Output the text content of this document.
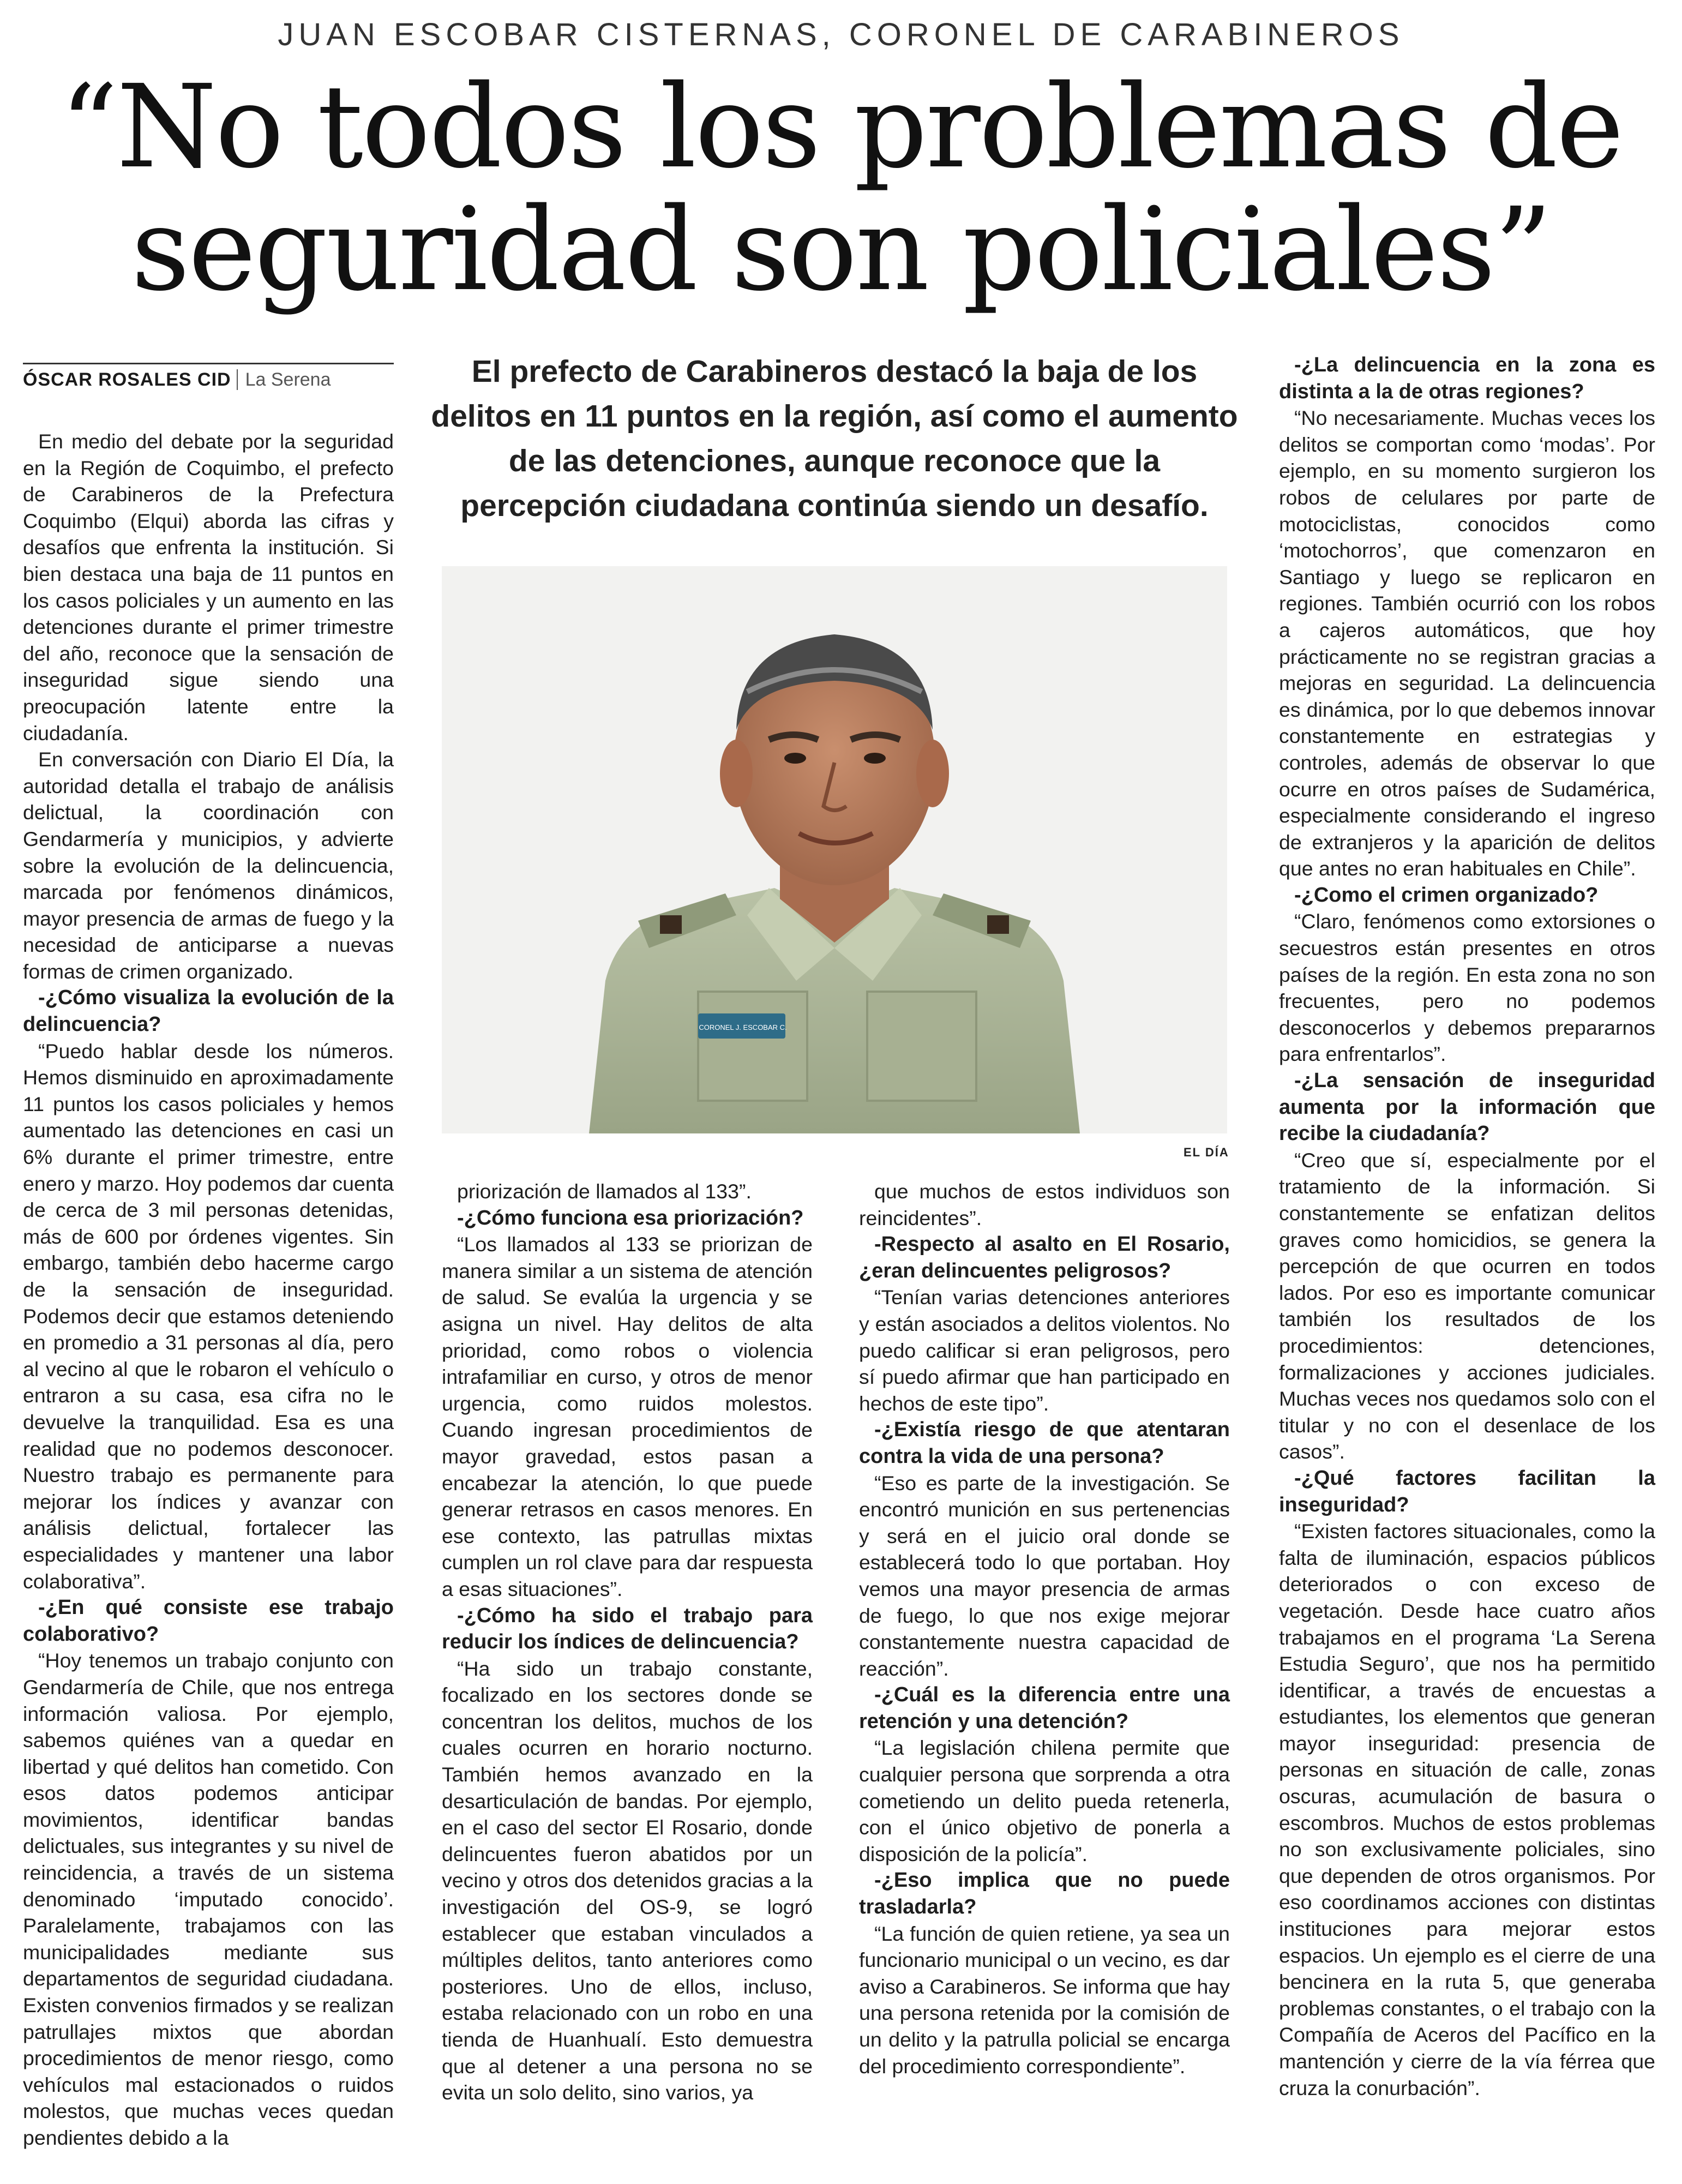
JUAN ESCOBAR CISTERNAS, CORONEL DE CARABINEROS
“No todos los problemas de
seguridad son policiales”
ÓSCAR ROSALES CID La Serena	El prefecto de Carabineros destacó la baja de los delitos en 11 puntos en la región, así como el aumento de las detenciones, aunque reconoce que la percepción ciudadana continúa siendo un desafío.
CORONEL J. ESCOBAR C.
EL DÍA

En medio del debate por la seguridad en la Región de Coquimbo, el prefecto de Carabineros de la Prefectura Coquimbo (Elqui) aborda las cifras y desafíos que enfrenta la institución. Si bien destaca una baja de 11 puntos en los casos policiales y un aumento en las detenciones durante el primer trimestre del año, reconoce que la sensación de inseguridad sigue siendo una preocupación latente entre la ciudadanía.

En conversación con Diario El Día, la autoridad detalla el trabajo de análisis delictual, la coordinación con Gendarmería y municipios, y advierte sobre la evolución de la delincuencia, marcada por fenómenos dinámicos, mayor presencia de armas de fuego y la necesidad de anticiparse a nuevas formas de crimen organizado.

-¿Cómo visualiza la evolución de la delincuencia?

“Puedo hablar desde los números. Hemos disminuido en aproximadamente 11 puntos los casos policiales y hemos aumentado las detenciones en casi un 6% durante el primer trimestre, entre enero y marzo. Hoy podemos dar cuenta de cerca de 3 mil personas detenidas, más de 600 por órdenes vigentes. Sin embargo, también debo hacerme cargo de la sensación de inseguridad. Podemos decir que estamos deteniendo en promedio a 31 personas al día, pero al vecino al que le robaron el vehículo o entraron a su casa, esa cifra no le devuelve la tranquilidad. Esa es una realidad que no podemos desconocer. Nuestro trabajo es permanente para mejorar los índices y avanzar con análisis delictual, fortalecer las especialidades y mantener una labor colaborativa”.

-¿En qué consiste ese trabajo colaborativo?

“Hoy tenemos un trabajo conjunto con Gendarmería de Chile, que nos entrega información valiosa. Por ejemplo, sabemos quiénes van a quedar en libertad y qué delitos han cometido. Con esos datos podemos anticipar movimientos, identificar bandas delictuales, sus integrantes y su nivel de reincidencia, a través de un sistema denominado ‘imputado conocido’. Paralelamente, trabajamos con las municipalidades mediante sus departamentos de seguridad ciudadana. Existen convenios firmados y se realizan patrullajes mixtos que abordan procedimientos de menor riesgo, como vehículos mal estacionados o ruidos molestos, que muchas veces quedan pendientes debido a la

priorización de llamados al 133”.

-¿Cómo funciona esa priorización?

“Los llamados al 133 se priorizan de manera similar a un sistema de atención de salud. Se evalúa la urgencia y se asigna un nivel. Hay delitos de alta prioridad, como robos o violencia intrafamiliar en curso, y otros de menor urgencia, como ruidos molestos. Cuando ingresan procedimientos de mayor gravedad, estos pasan a encabezar la atención, lo que puede generar retrasos en casos menores. En ese contexto, las patrullas mixtas cumplen un rol clave para dar respuesta a esas situaciones”.

-¿Cómo ha sido el trabajo para reducir los índices de delincuencia?

“Ha sido un trabajo constante, focalizado en los sectores donde se concentran los delitos, muchos de los cuales ocurren en horario nocturno. También hemos avanzado en la desarticulación de bandas. Por ejemplo, en el caso del sector El Rosario, donde delincuentes fueron abatidos por un vecino y otros dos detenidos gracias a la investigación del OS-9, se logró establecer que estaban vinculados a múltiples delitos, tanto anteriores como posteriores. Uno de ellos, incluso, estaba relacionado con un robo en una tienda de Huanhualí. Esto demuestra que al detener a una persona no se evita un solo delito, sino varios, ya

que muchos de estos individuos son reincidentes”.

-Respecto al asalto en El Rosario, ¿eran delincuentes peligrosos?

“Tenían varias detenciones anteriores y están asociados a delitos violentos. No puedo calificar si eran peligrosos, pero sí puedo afirmar que han participado en hechos de este tipo”.

-¿Existía riesgo de que atentaran contra la vida de una persona?

“Eso es parte de la investigación. Se encontró munición en sus pertenencias y será en el juicio oral donde se establecerá todo lo que portaban. Hoy vemos una mayor presencia de armas de fuego, lo que nos exige mejorar constantemente nuestra capacidad de reacción”.

-¿Cuál es la diferencia entre una retención y una detención?

“La legislación chilena permite que cualquier persona que sorprenda a otra cometiendo un delito pueda retenerla, con el único objetivo de ponerla a disposición de la policía”.

-¿Eso implica que no puede trasladarla?

“La función de quien retiene, ya sea un funcionario municipal o un vecino, es dar aviso a Carabineros. Se informa que hay una persona retenida por la comisión de un delito y la patrulla policial se encarga del procedimiento correspondiente”.

-¿La delincuencia en la zona es distinta a la de otras regiones?

“No necesariamente. Muchas veces los delitos se comportan como ‘modas’. Por ejemplo, en su momento surgieron los robos de celulares por parte de motociclistas, conocidos como ‘motochorros’, que comenzaron en Santiago y luego se replicaron en regiones. También ocurrió con los robos a cajeros automáticos, que hoy prácticamente no se registran gracias a mejoras en seguridad. La delincuencia es dinámica, por lo que debemos innovar constantemente en estrategias y controles, además de observar lo que ocurre en otros países de Sudamérica, especialmente considerando el ingreso de extranjeros y la aparición de delitos que antes no eran habituales en Chile”.

-¿Como el crimen organizado?

“Claro, fenómenos como extorsiones o secuestros están presentes en otros países de la región. En esta zona no son frecuentes, pero no podemos desconocerlos y debemos prepararnos para enfrentarlos”.

-¿La sensación de inseguridad aumenta por la información que recibe la ciudadanía?

“Creo que sí, especialmente por el tratamiento de la información. Si constantemente se enfatizan delitos graves como homicidios, se genera la percepción de que ocurren en todos lados. Por eso es importante comunicar también los resultados de los procedimientos: detenciones, formalizaciones y acciones judiciales. Muchas veces nos quedamos solo con el titular y no con el desenlace de los casos”.

-¿Qué factores facilitan la inseguridad?

“Existen factores situacionales, como la falta de iluminación, espacios públicos deteriorados o con exceso de vegetación. Desde hace cuatro años trabajamos en el programa ‘La Serena Estudia Seguro’, que nos ha permitido identificar, a través de encuestas a estudiantes, los elementos que generan mayor inseguridad: presencia de personas en situación de calle, zonas oscuras, acumulación de basura o escombros. Muchos de estos problemas no son exclusivamente policiales, sino que dependen de otros organismos. Por eso coordinamos acciones con distintas instituciones para mejorar estos espacios. Un ejemplo es el cierre de una bencinera en la ruta 5, que generaba problemas constantes, o el trabajo con la Compañía de Aceros del Pacífico en la mantención y cierre de la vía férrea que cruza la conurbación”.
